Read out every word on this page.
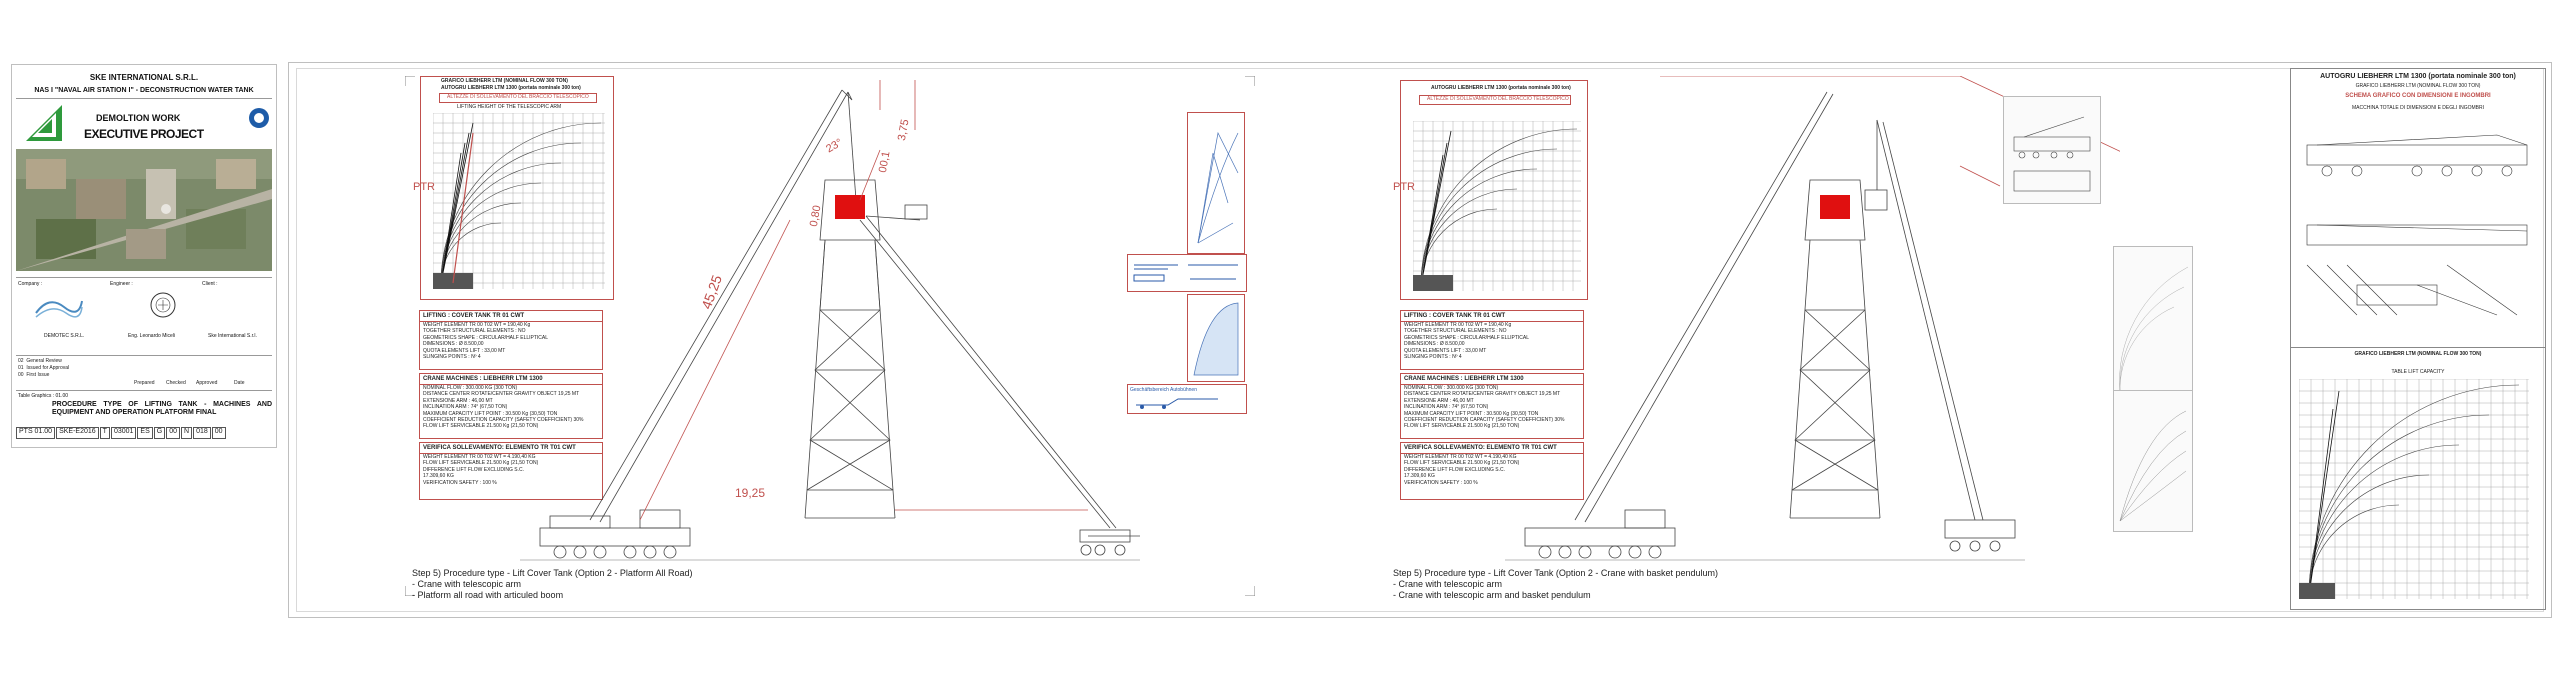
SKE INTERNATIONAL S.R.L.
NAS I "NAVAL AIR STATION I" - DECONSTRUCTION WATER TANK
DEMOLTION WORK
EXECUTIVE PROJECT
Company :	Engineer :	Client :
DEMOTEC S.R.L.	Eng. Leonardo Miceli	Ske International S.r.l.
02 General Review
01 Issued for Approval
00 First Issue
Prepared Checked Approved	Date
Table Graphics : 01.00
PROCEDURE TYPE OF LIFTING TANK - MACHINES AND EQUIPMENT AND OPERATION PLATFORM FINAL
PTS 01.00	SKE-E2016	T	03001	ES	G	00	N	018	00
GRAFICO LIEBHERR LTM (NOMINAL FLOW 300 TON)
AUTOGRU LIEBHERR LTM 1300 (portata nominale 300 ton)
ALTEZZE DI SOLLEVAMENTO DEL BRACCIO TELESCOPICO
LIFTING HEIGHT OF THE TELESCOPIC ARM
PTR
LIFTING : COVER TANK TR 01 CWT
WEIGHT ELEMENT TR 00 T02 WT = 190,40 Kg
TOGETHER STRUCTURAL ELEMENTS : NO
GEOMETRICS SHAPE : CIRCULAR/HALF ELLIPTICAL
DIMENSIONS : Ø 8.500,00
QUOTA ELEMENTS LIFT : 33,00 MT
SLINGING POINTS : Nº 4
CRANE MACHINES : LIEBHERR LTM 1300
NOMINAL FLOW : 300.000 KG (300 TON)
DISTANCE CENTER ROTATE/CENTER GRAVITY OBJECT 19,25 MT
EXTENSIONE ARM : 46,00 MT
INCLINATION ARM : 74° (67,50 TON)
MAXIMUM CAPACITY LIFT POINT : 30.500 Kg (30,50) TON
COEFFICIENT REDUCTION CAPACITY (SAFETY COEFFICIENT) 30%
FLOW LIFT SERVICEABLE 21.500 Kg (21,50 TON)
VERIFICA SOLLEVAMENTO: ELEMENTO TR T01 CWT
WEIGHT ELEMENT TR 00 T02 WT = 4.190,40 KG
FLOW LIFT SERVICEABLE 21.500 Kg (21,50 TON)
DIFFERENCE LIFT FLOW EXCLUDING S.C.
17.309,60 KG
VERIFICATION SAFETY : 100 %
3,75
23°
00,1
0,80
45,25
19,25
Geschäftsbereich Autobühnen
Step 5) Procedure type - Lift Cover Tank (Option 2 - Platform All Road)
- Crane with telescopic arm
- Platform all road with articuled boom
AUTOGRU LIEBHERR LTM 1300 (portata nominale 300 ton)
ALTEZZE DI SOLLEVAMENTO DEL BRACCIO TELESCOPICO
PTR
LIFTING : COVER TANK TR 01 CWT
WEIGHT ELEMENT TR 00 T02 WT = 190,40 Kg
TOGETHER STRUCTURAL ELEMENTS : NO
GEOMETRICS SHAPE : CIRCULAR/HALF ELLIPTICAL
DIMENSIONS : Ø 8.500,00
QUOTA ELEMENTS LIFT : 33,00 MT
SLINGING POINTS : Nº 4
CRANE MACHINES : LIEBHERR LTM 1300
NOMINAL FLOW : 300.000 KG (300 TON)
DISTANCE CENTER ROTATE/CENTER GRAVITY OBJECT 19,25 MT
EXTENSIONE ARM : 46,00 MT
INCLINATION ARM : 74° (67,50 TON)
MAXIMUM CAPACITY LIFT POINT : 30.500 Kg (30,50) TON
COEFFICIENT REDUCTION CAPACITY (SAFETY COEFFICIENT) 30%
FLOW LIFT SERVICEABLE 21.500 Kg (21,50 TON)
VERIFICA SOLLEVAMENTO: ELEMENTO TR T01 CWT
WEIGHT ELEMENT TR 00 T02 WT = 4.190,40 KG
FLOW LIFT SERVICEABLE 21.500 Kg (21,50 TON)
DIFFERENCE LIFT FLOW EXCLUDING S.C.
17.309,60 KG
VERIFICATION SAFETY : 100 %
Step 5) Procedure type - Lift Cover Tank (Option 2 - Crane with basket pendulum)
- Crane with telescopic arm
- Crane with telescopic arm and basket pendulum
AUTOGRU LIEBHERR LTM 1300 (portata nominale 300 ton)
GRAFICO LIEBHERR LTM (NOMINAL FLOW 300 TON)
SCHEMA GRAFICO CON DIMENSIONI E INGOMBRI
MACCHINA TOTALE DI DIMENSIONI E DEGLI INGOMBRI
GRAFICO LIEBHERR LTM (NOMINAL FLOW 300 TON)
TABLE LIFT CAPACITY
